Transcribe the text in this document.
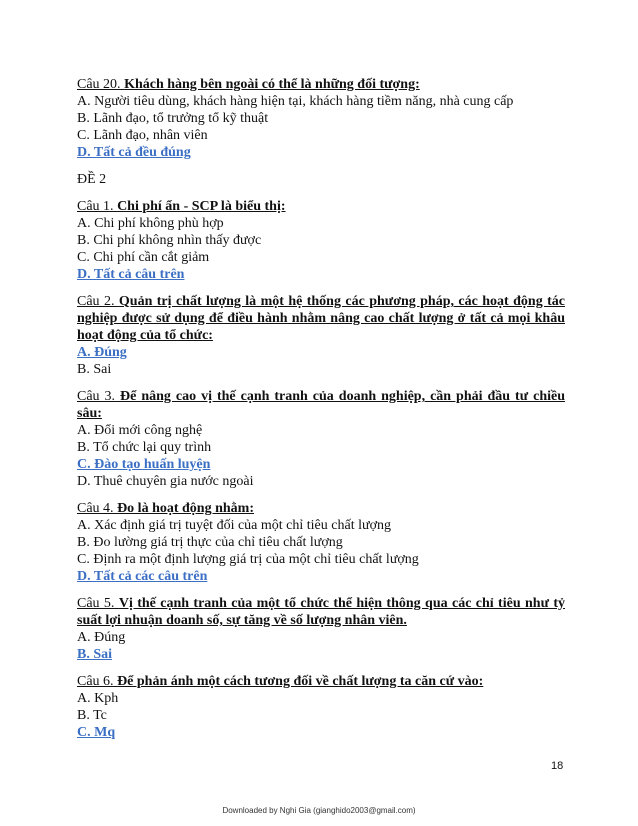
Câu 20. Khách hàng bên ngoài có thể là những đối tượng:
A. Người tiêu dùng, khách hàng hiện tại, khách hàng tiềm năng, nhà cung cấp
B. Lãnh đạo, tổ trưởng tổ kỹ thuật
C. Lãnh đạo, nhân viên
D. Tất cả đều đúng
ĐỀ 2
Câu 1. Chi phí ẩn - SCP là biểu thị:
A. Chi phí không phù hợp
B. Chi phí không nhìn thấy được
C. Chi phí cần cắt giảm
D. Tất cả câu trên
Câu 2. Quản trị chất lượng là một hệ thống các phương pháp, các hoạt động tác nghiệp được sử dụng để điều hành nhằm nâng cao chất lượng ở tất cả mọi khâu hoạt động của tổ chức:
A. Đúng
B. Sai
Câu 3. Để nâng cao vị thế cạnh tranh của doanh nghiệp, cần phải đầu tư chiều sâu:
A. Đổi mới công nghệ
B. Tổ chức lại quy trình
C. Đào tạo huấn luyện
D. Thuê chuyên gia nước ngoài
Câu 4. Đo là hoạt động nhằm:
A. Xác định giá trị tuyệt đối của một chỉ tiêu chất lượng
B. Đo lường giá trị thực của chỉ tiêu chất lượng
C. Định ra một định lượng giá trị của một chỉ tiêu chất lượng
D. Tất cả các câu trên
Câu 5. Vị thế cạnh tranh của một tổ chức thể hiện thông qua các chỉ tiêu như tỷ suất lợi nhuận doanh số, sự tăng về số lượng nhân viên.
A. Đúng
B. Sai
Câu 6. Để phản ánh một cách tương đối về chất lượng ta căn cứ vào:
A. Kph
B. Tc
C. Mq
18
Downloaded by Nghi Gia (gianghido2003@gmail.com)
